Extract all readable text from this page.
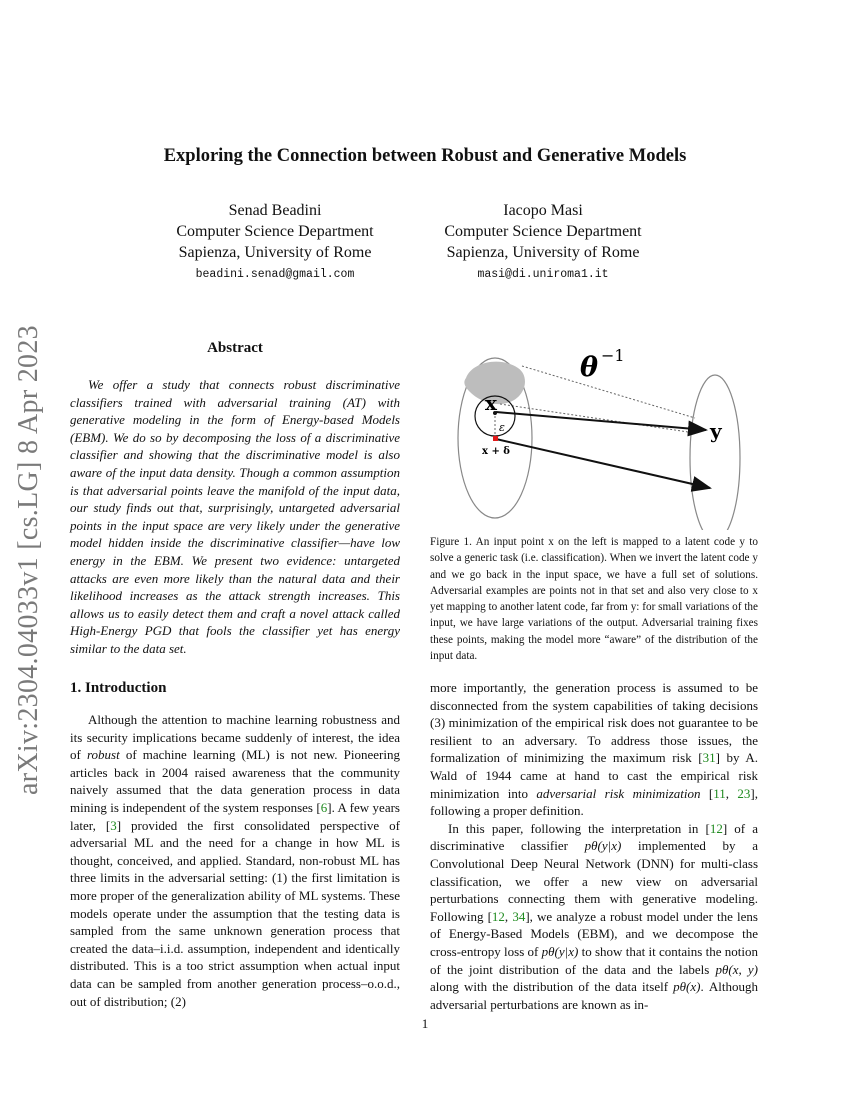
arXiv:2304.04033v1 [cs.LG] 8 Apr 2023
Exploring the Connection between Robust and Generative Models
Senad Beadini
Computer Science Department
Sapienza, University of Rome
beadini.senad@gmail.com
Iacopo Masi
Computer Science Department
Sapienza, University of Rome
masi@di.uniroma1.it
Abstract

We offer a study that connects robust discriminative classifiers trained with adversarial training (AT) with generative modeling in the form of Energy-based Models (EBM). We do so by decomposing the loss of a discriminative classifier and showing that the discriminative model is also aware of the input data density. Though a common assumption is that adversarial points leave the manifold of the input data, our study finds out that, surprisingly, untargeted adversarial points in the input space are very likely under the generative model hidden inside the discriminative classifier—have low energy in the EBM. We present two evidence: untargeted attacks are even more likely than the natural data and their likelihood increases as the attack strength increases. This allows us to easily detect them and craft a novel attack called High-Energy PGD that fools the classifier yet has energy similar to the data set.

1. Introduction

Although the attention to machine learning robustness and its security implications became suddenly of interest, the idea of robust of machine learning (ML) is not new. Pioneering articles back in 2004 raised awareness that the community naively assumed that the data generation process in data mining is independent of the system responses [6]. A few years later, [3] provided the first consolidated perspective of adversarial ML and the need for a change in how ML is thought, conceived, and applied. Standard, non-robust ML has three limits in the adversarial setting: (1) the first limitation is more proper of the generalization ability of ML systems. These models operate under the assumption that the testing data is sampled from the same unknown generation process that created the data–i.i.d. assumption, independent and identically distributed. This is a too strict assumption when actual input data can be sampled from another generation process–o.o.d., out of distribution; (2)

x
y
ε
x + δ
θ −1

Figure 1. An input point x on the left is mapped to a latent code y to solve a generic task (i.e. classification). When we invert the latent code y and we go back in the input space, we have a full set of solutions. Adversarial examples are points not in that set and also very close to x yet mapping to another latent code, far from y: for small variations of the input, we have large variations of the output. Adversarial training fixes these points, making the model more “aware” of the distribution of the input data.

more importantly, the generation process is assumed to be disconnected from the system capabilities of taking decisions (3) minimization of the empirical risk does not guarantee to be resilient to an adversary. To address those issues, the formalization of minimizing the maximum risk [31] by A. Wald of 1944 came at hand to cast the empirical risk minimization into adversarial risk minimization [11, 23], following a proper definition.

In this paper, following the interpretation in [12] of a discriminative classifier pθ(y|x) implemented by a Convolutional Deep Neural Network (DNN) for multi-class classification, we offer a new view on adversarial perturbations connecting them with generative modeling. Following [12, 34], we analyze a robust model under the lens of Energy-Based Models (EBM), and we decompose the cross-entropy loss of pθ(y|x) to show that it contains the notion of the joint distribution of the data and the labels pθ(x, y) along with the distribution of the data itself pθ(x). Although adversarial perturbations are known as in-

1
